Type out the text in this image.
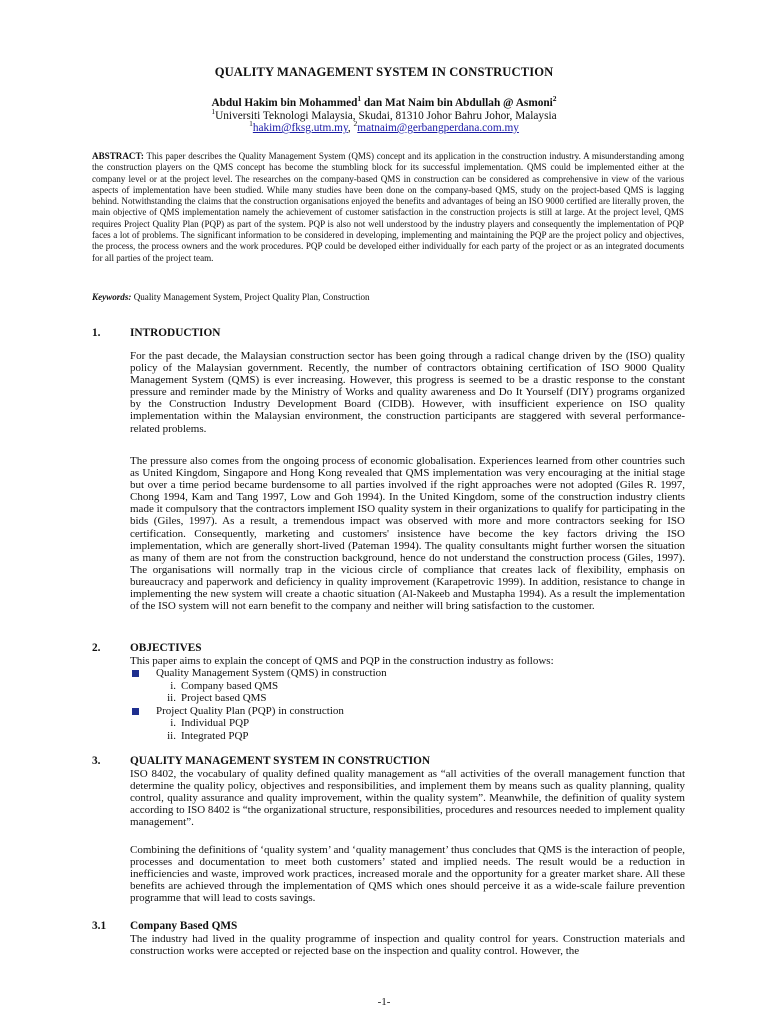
QUALITY MANAGEMENT SYSTEM IN CONSTRUCTION
Abdul Hakim bin Mohammed$^1$ dan Mat Naim bin Abdullah @ Asmoni$^2$
$^1$Universiti Teknologi Malaysia, Skudai, 81310 Johor Bahru Johor, Malaysia
$^1$hakim@fksg.utm.my, $^2$matnaim@gerbangperdana.com.my

ABSTRACT: This paper describes the Quality Management System (QMS) concept and its application in the construction industry. A misunderstanding among the construction players on the QMS concept has become the stumbling block for its successful implementation. QMS could be implemented either at the company level or at the project level. The researches on the company-based QMS in construction can be considered as comprehensive in view of the various aspects of implementation have been studied. While many studies have been done on the company-based QMS, study on the project-based QMS is lagging behind. Notwithstanding the claims that the construction organisations enjoyed the benefits and advantages of being an ISO 9000 certified are literally proven, the main objective of QMS implementation namely the achievement of customer satisfaction in the construction projects is still at large. At the project level, QMS requires Project Quality Plan (PQP) as part of the system. PQP is also not well understood by the industry players and consequently the implementation of PQP faces a lot of problems. The significant information to be considered in developing, implementing and maintaining the PQP are the project policy and objectives, the process, the process owners and the work procedures. PQP could be developed either individually for each party of the project or as an integrated documents for all parties of the project team.

Keywords: Quality Management System, Project Quality Plan, Construction

1.	INTRODUCTION

For the past decade, the Malaysian construction sector has been going through a radical change driven by the (ISO) quality policy of the Malaysian government. Recently, the number of contractors obtaining certification of ISO 9000 Quality Management System (QMS) is ever increasing. However, this progress is seemed to be a drastic response to the constant pressure and reminder made by the Ministry of Works and quality awareness and Do It Yourself (DIY) programs organized by the Construction Industry Development Board (CIDB). However, with insufficient experience on ISO quality implementation within the Malaysian environment, the construction participants are staggered with several performance-related problems.

The pressure also comes from the ongoing process of economic globalisation. Experiences learned from other countries such as United Kingdom, Singapore and Hong Kong revealed that QMS implementation was very encouraging at the initial stage but over a time period became burdensome to all parties involved if the right approaches were not adopted (Giles R. 1997, Chong 1994, Kam and Tang 1997, Low and Goh 1994). In the United Kingdom, some of the construction industry clients made it compulsory that the contractors implement ISO quality system in their organizations to qualify for participating in the bids (Giles, 1997). As a result, a tremendous impact was observed with more and more contractors seeking for ISO certification. Consequently, marketing and customers' insistence have become the key factors driving the ISO implementation, which are generally short-lived (Pateman 1994). The quality consultants might further worsen the situation as many of them are not from the construction background, hence do not understand the construction process (Giles, 1997). The organisations will normally trap in the vicious circle of compliance that creates lack of flexibility, emphasis on bureaucracy and paperwork and deficiency in quality improvement (Karapetrovic 1999). In addition, resistance to change in implementing the new system will create a chaotic situation (Al-Nakeeb and Mustapha 1994). As a result the implementation of the ISO system will not earn benefit to the company and neither will bring satisfaction to the customer.

2.	OBJECTIVES

This paper aims to explain the concept of QMS and PQP in the construction industry as follows:

Quality Management System (QMS) in construction
i. Company based QMS
ii. Project based QMS
Project Quality Plan (PQP) in construction
i. Individual PQP
ii. Integrated PQP
3.	QUALITY MANAGEMENT SYSTEM IN CONSTRUCTION

ISO 8402, the vocabulary of quality defined quality management as “all activities of the overall management function that determine the quality policy, objectives and responsibilities, and implement them by means such as quality planning, quality control, quality assurance and quality improvement, within the quality system”. Meanwhile, the definition of quality system according to ISO 8402 is “the organizational structure, responsibilities, procedures and resources needed to implement quality management”.

Combining the definitions of ‘quality system’ and ‘quality management’ thus concludes that QMS is the interaction of people, processes and documentation to meet both customers’ stated and implied needs. The result would be a reduction in inefficiencies and waste, improved work practices, increased morale and the opportunity for a greater market share. All these benefits are achieved through the implementation of QMS which ones should perceive it as a wide-scale failure prevention programme that will lead to costs savings.

3.1 Company Based QMS

The industry had lived in the quality programme of inspection and quality control for years. Construction materials and construction works were accepted or rejected base on the inspection and quality control. However, the

-1-
